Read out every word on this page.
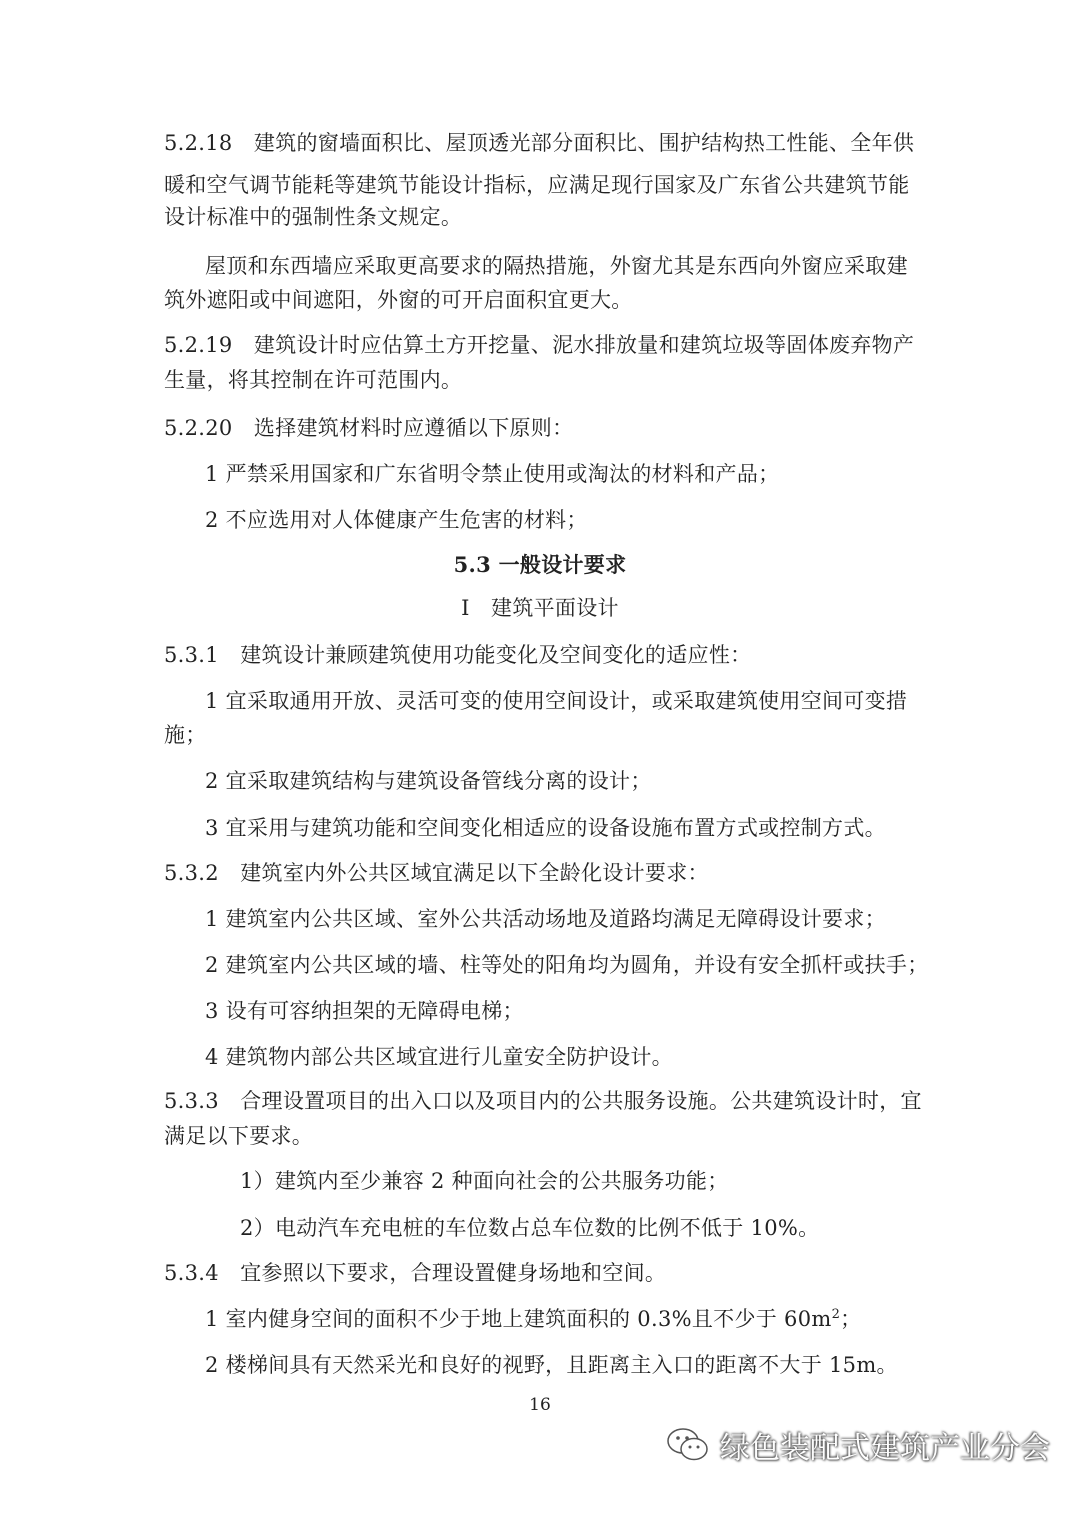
5.2.18　建筑的窗墙面积比、屋顶透光部分面积比、围护结构热工性能、全年供
暖和空气调节能耗等建筑节能设计指标，应满足现行国家及广东省公共建筑节能
设计标准中的强制性条文规定。
屋顶和东西墙应采取更高要求的隔热措施，外窗尤其是东西向外窗应采取建
筑外遮阳或中间遮阳，外窗的可开启面积宜更大。
5.2.19　建筑设计时应估算土方开挖量、泥水排放量和建筑垃圾等固体废弃物产
生量，将其控制在许可范围内。
5.2.20　选择建筑材料时应遵循以下原则：
1 严禁采用国家和广东省明令禁止使用或淘汰的材料和产品；
2 不应选用对人体健康产生危害的材料；
5.3 一般设计要求
Ⅰ　建筑平面设计
5.3.1　建筑设计兼顾建筑使用功能变化及空间变化的适应性：
1 宜采取通用开放、灵活可变的使用空间设计，或采取建筑使用空间可变措
施；
2 宜采取建筑结构与建筑设备管线分离的设计；
3 宜采用与建筑功能和空间变化相适应的设备设施布置方式或控制方式。
5.3.2　建筑室内外公共区域宜满足以下全龄化设计要求：
1 建筑室内公共区域、室外公共活动场地及道路均满足无障碍设计要求；
2 建筑室内公共区域的墙、柱等处的阳角均为圆角，并设有安全抓杆或扶手；
3 设有可容纳担架的无障碍电梯；
4 建筑物内部公共区域宜进行儿童安全防护设计。
5.3.3　合理设置项目的出入口以及项目内的公共服务设施。公共建筑设计时，宜
满足以下要求。
1）建筑内至少兼容 2 种面向社会的公共服务功能；
2）电动汽车充电桩的车位数占总车位数的比例不低于 10%。
5.3.4　宜参照以下要求，合理设置健身场地和空间。
1 室内健身空间的面积不少于地上建筑面积的 0.3%且不少于 $60m^2$；
2 楼梯间具有天然采光和良好的视野，且距离主入口的距离不大于 15m。
16
绿色装配式建筑产业分会
